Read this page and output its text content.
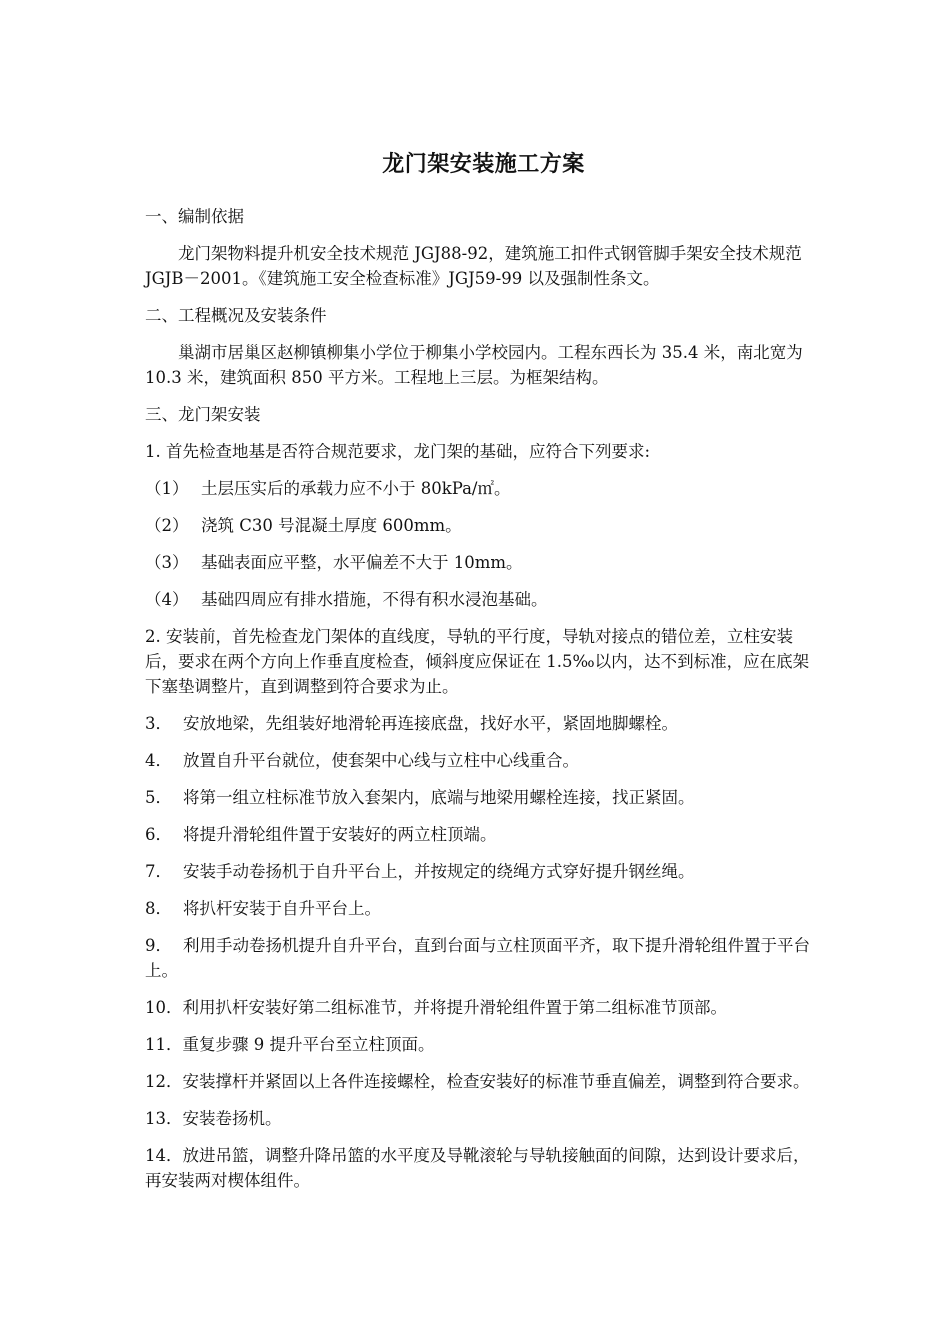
龙门架安装施工方案

一、编制依据

龙门架物料提升机安全技术规范 JGJ88-92，建筑施工扣件式钢管脚手架安全技术规范 JGJB－2001。《建筑施工安全检查标准》JGJ59-99 以及强制性条文。

二、工程概况及安装条件

巢湖市居巢区赵柳镇柳集小学位于柳集小学校园内。工程东西长为 35.4 米，南北宽为 10.3 米，建筑面积 850 平方米。工程地上三层。为框架结构。

三、龙门架安装

1. 首先检查地基是否符合规范要求，龙门架的基础，应符合下列要求:

（1） 土层压实后的承载力应不小于 80kPa/㎡。

（2） 浇筑 C30 号混凝土厚度 600mm。

（3） 基础表面应平整，水平偏差不大于 10mm。

（4） 基础四周应有排水措施，不得有积水浸泡基础。

2. 安装前，首先检查龙门架体的直线度，导轨的平行度，导轨对接点的错位差，立柱安装后，要求在两个方向上作垂直度检查，倾斜度应保证在 1.5‰以内，达不到标准，应在底架下塞垫调整片，直到调整到符合要求为止。

3． 安放地梁，先组装好地滑轮再连接底盘，找好水平，紧固地脚螺栓。

4． 放置自升平台就位，使套架中心线与立柱中心线重合。

5． 将第一组立柱标准节放入套架内，底端与地梁用螺栓连接，找正紧固。

6． 将提升滑轮组件置于安装好的两立柱顶端。

7． 安装手动卷扬机于自升平台上，并按规定的绕绳方式穿好提升钢丝绳。

8． 将扒杆安装于自升平台上。

9． 利用手动卷扬机提升自升平台，直到台面与立柱顶面平齐，取下提升滑轮组件置于平台上。

10．利用扒杆安装好第二组标准节，并将提升滑轮组件置于第二组标准节顶部。

11．重复步骤 9 提升平台至立柱顶面。

12．安装撑杆并紧固以上各件连接螺栓，检查安装好的标准节垂直偏差，调整到符合要求。

13．安装卷扬机。

14．放进吊篮，调整升降吊篮的水平度及导靴滚轮与导轨接触面的间隙，达到设计要求后，再安装两对楔体组件。
